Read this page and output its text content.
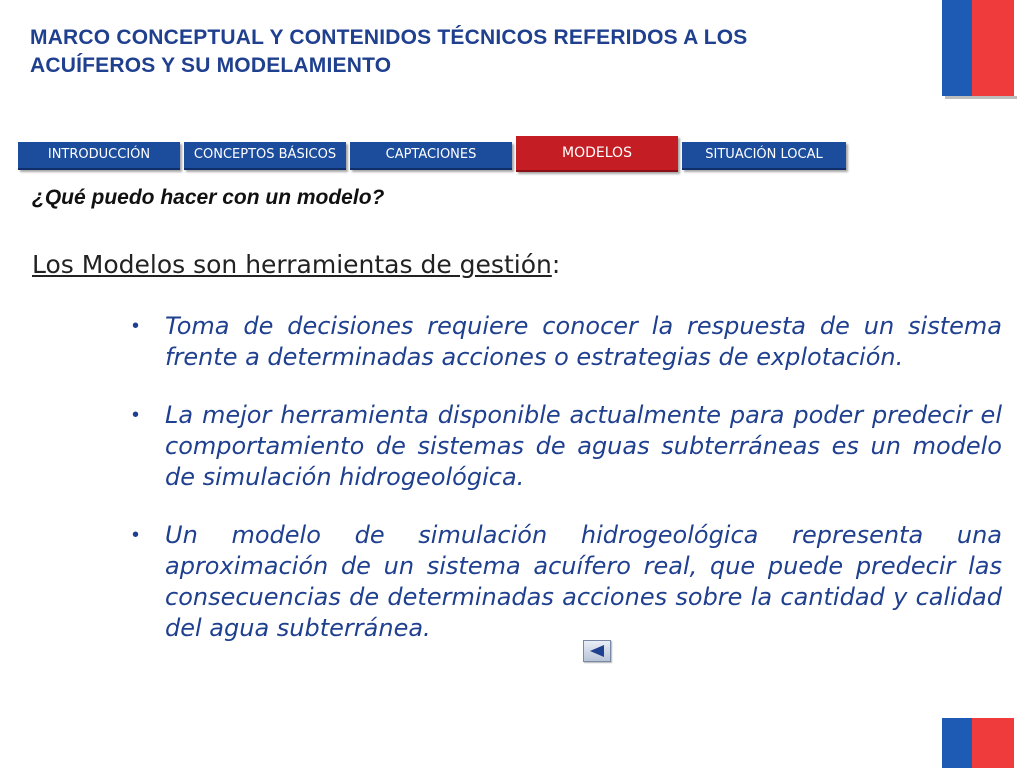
MARCO CONCEPTUAL Y CONTENIDOS TÉCNICOS REFERIDOS A LOS
ACUÍFEROS Y SU MODELAMIENTO
INTRODUCCIÓN	CONCEPTOS BÁSICOS	CAPTACIONES	MODELOS	SITUACIÓN LOCAL
¿Qué puedo hacer con un modelo?
Los Modelos son herramientas de gestión:
• Toma de decisiones requiere conocer la respuesta de un sistema frente a determinadas acciones o estrategias de explotación.
• La mejor herramienta disponible actualmente para poder predecir el comportamiento de sistemas de aguas subterráneas es un modelo de simulación hidrogeológica.
• Un modelo de simulación hidrogeológica representa una aproximación de un sistema acuífero real, que puede predecir las consecuencias de determinadas acciones sobre la cantidad y calidad del agua subterránea.
